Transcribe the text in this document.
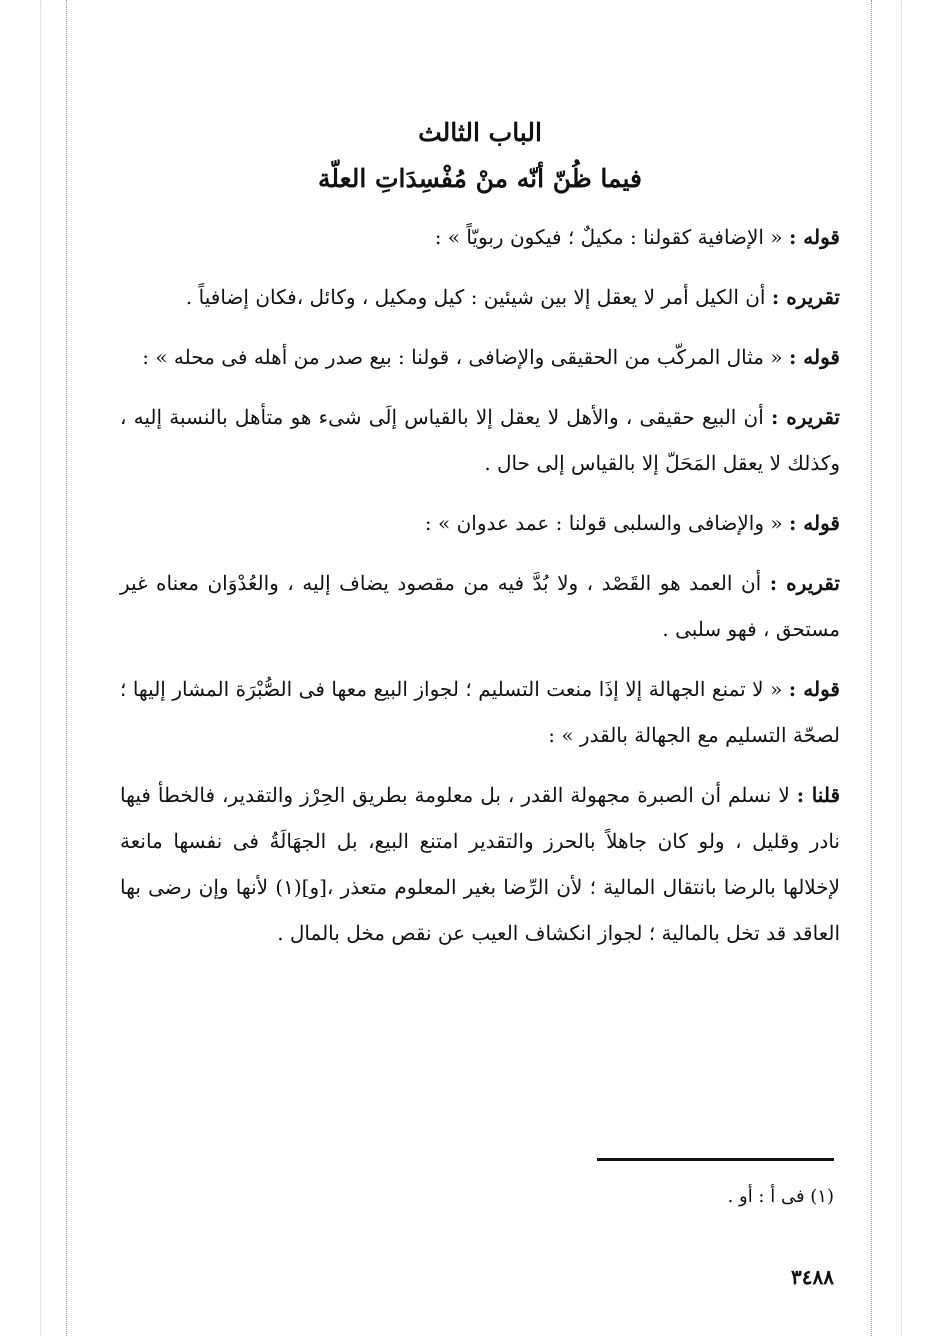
الباب الثالث
فيما ظُنّ أنّه منْ مُفْسِدَاتِ العلّة

قوله : « الإضافية كقولنا : مكيلٌ ؛ فيكون ربويّاً » :

تقريره : أن الكيل أمر لا يعقل إلا بين شيئين : كيل ومكيل ، وكائل ،فكان إضافياً .

قوله : « مثال المركّب من الحقيقى والإضافى ، قولنا : بيع صدر من أهله فى محله » :

تقريره : أن البيع حقيقى ، والأهل لا يعقل إلا بالقياس إلَى شىء هو متأهل بالنسبة إليه ، وكذلك لا يعقل المَحَلّ إلا بالقياس إلى حال .

قوله : « والإضافى والسلبى قولنا : عمد عدوان » :

تقريره : أن العمد هو القَصْد ، ولا بُدَّ فيه من مقصود يضاف إليه ، والعُدْوَان معناه غير مستحق ، فهو سلبى .

قوله : « لا تمنع الجهالة إلا إذَا منعت التسليم ؛ لجواز البيع معها فى الصُّبْرَة المشار إليها ؛ لصحّة التسليم مع الجهالة بالقدر » :

قلنا : لا نسلم أن الصبرة مجهولة القدر ، بل معلومة بطريق الحِرْز والتقدير، فالخطأ فيها نادر وقليل ، ولو كان جاهلاً بالحرز والتقدير امتنع البيع، بل الجهَالَةُ فى نفسها مانعة لإخلالها بالرضا بانتقال المالية ؛ لأن الرِّضا بغير المعلوم متعذر ،[و](١) لأنها وإن رضى بها العاقد قد تخل بالمالية ؛ لجواز انكشاف العيب عن نقص مخل بالمال .

(١) فى أ : أو .
٣٤٨٨
